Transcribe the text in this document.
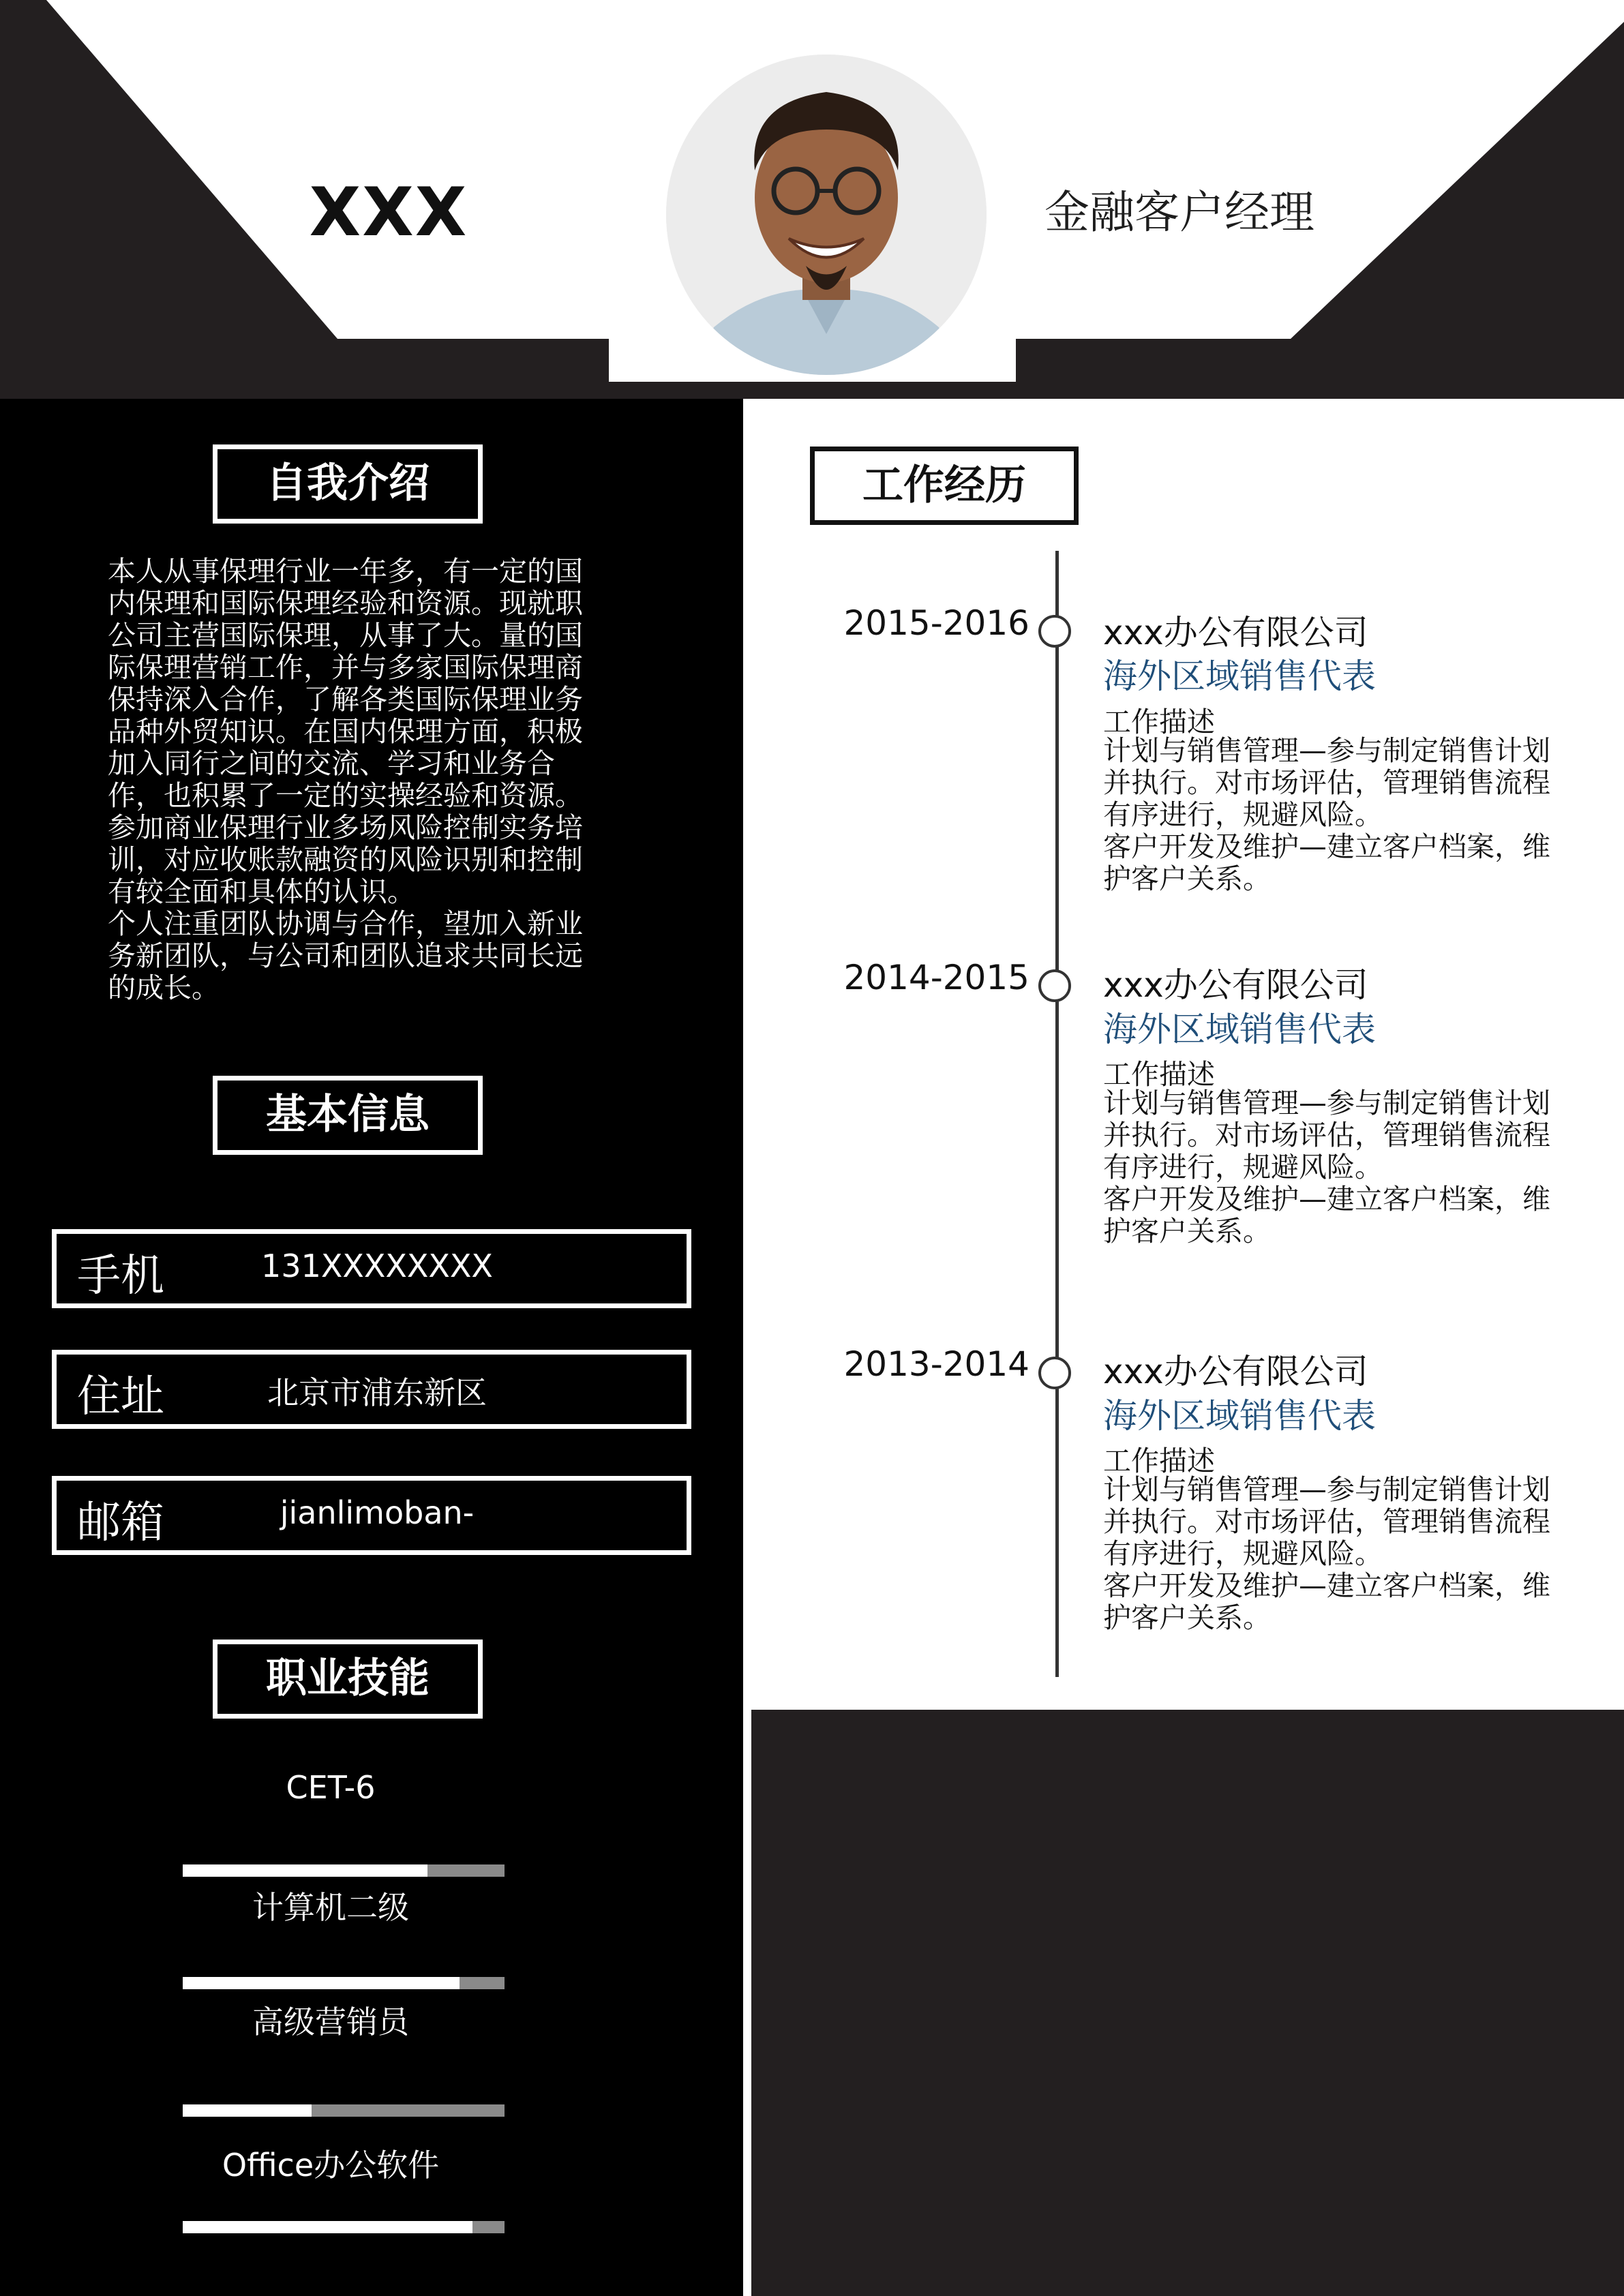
XXX	金融客户经理
自我介绍

本人从事保理行业一年多，有一定的国内保理和国际保理经验和资源。现就职公司主营国际保理，从事了大。量的国际保理营销工作，并与多家国际保理商保持深入合作，了解各类国际保理业务品种外贸知识。在国内保理方面，积极加入同行之间的交流、学习和业务合作，也积累了一定的实操经验和资源。

参加商业保理行业多场风险控制实务培训，对应收账款融资的风险识别和控制有较全面和具体的认识。

个人注重团队协调与合作，望加入新业务新团队，与公司和团队追求共同长远的成长。

基本信息
手机	131XXXXXXXX
住址	北京市浦东新区
邮箱	jianlimoban-
职业技能
CET-6
计算机二级
高级营销员
Office办公软件
工作经历
2015-2016 xxx办公有限公司
海外区域销售代表
工作描述

计划与销售管理—参与制定销售计划并执行。对市场评估，管理销售流程有序进行，规避风险。

客户开发及维护—建立客户档案，维护客户关系。

2014-2015 xxx办公有限公司
海外区域销售代表
工作描述

计划与销售管理—参与制定销售计划并执行。对市场评估，管理销售流程有序进行，规避风险。

客户开发及维护—建立客户档案，维护客户关系。

2013-2014 xxx办公有限公司
海外区域销售代表
工作描述

计划与销售管理—参与制定销售计划并执行。对市场评估，管理销售流程有序进行，规避风险。

客户开发及维护—建立客户档案，维护客户关系。
